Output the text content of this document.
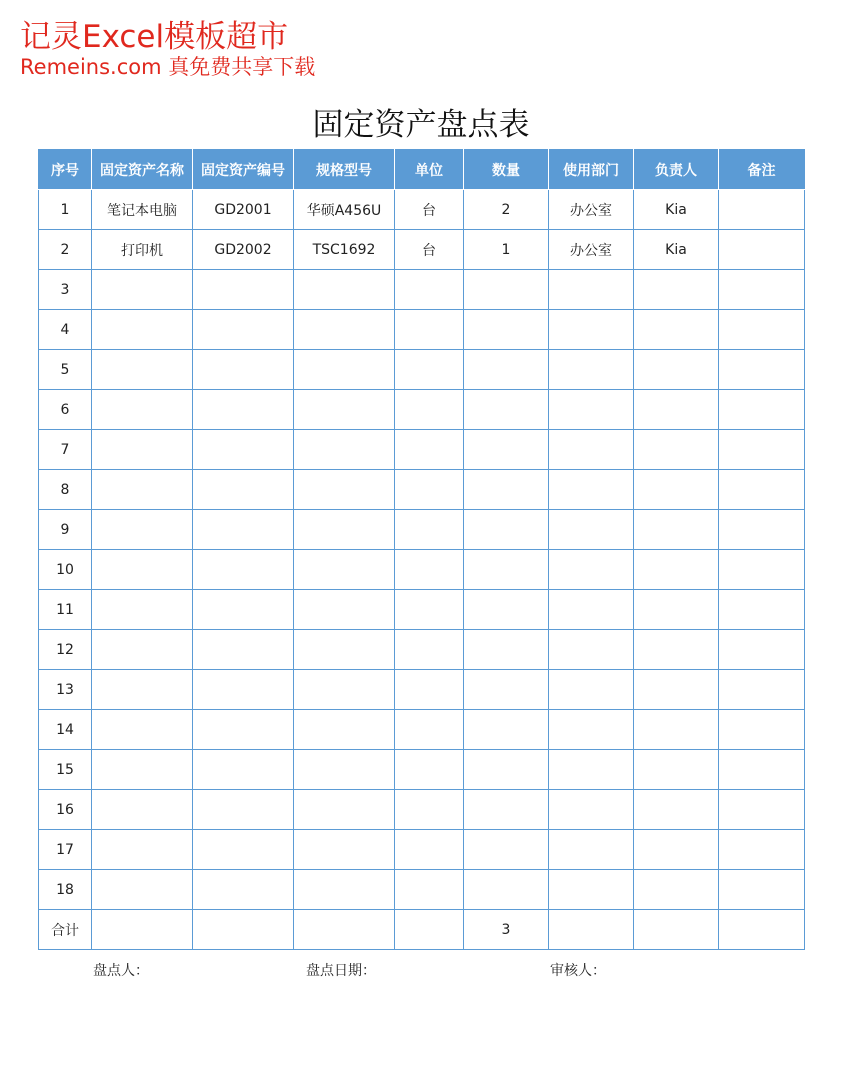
记灵Excel模板超市
Remeins.com 真免费共享下载
固定资产盘点表
序号	固定资产名称	固定资产编号	规格型号	单位	数量	使用部门	负责人	备注
1	笔记本电脑	GD2001	华硕A456U	台	2	办公室	Kia	
2	打印机	GD2002	TSC1692	台	1	办公室	Kia	
3								
4								
5								
6								
7								
8								
9								
10								
11								
12								
13								
14								
15								
16								
17								
18								
合计					3			
盘点人：	盘点日期：	审核人：
